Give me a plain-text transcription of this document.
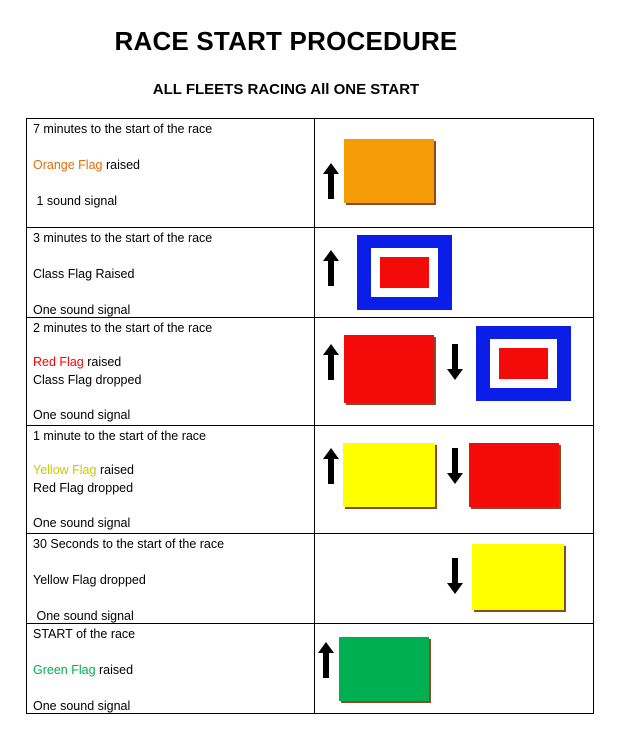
RACE START PROCEDURE
ALL FLEETS RACING All ONE START

7 minutes to the start of the race

Orange Flag raised

1 sound signal

3 minutes to the start of the race

Class Flag Raised

One sound signal

2 minutes to the start of the race

Red Flag raised

Class Flag dropped

One sound signal

1 minute to the start of the race

Yellow Flag raised

Red Flag dropped

One sound signal

30 Seconds to the start of the race

Yellow Flag dropped

One sound signal

START of the race

Green Flag raised

One sound signal
